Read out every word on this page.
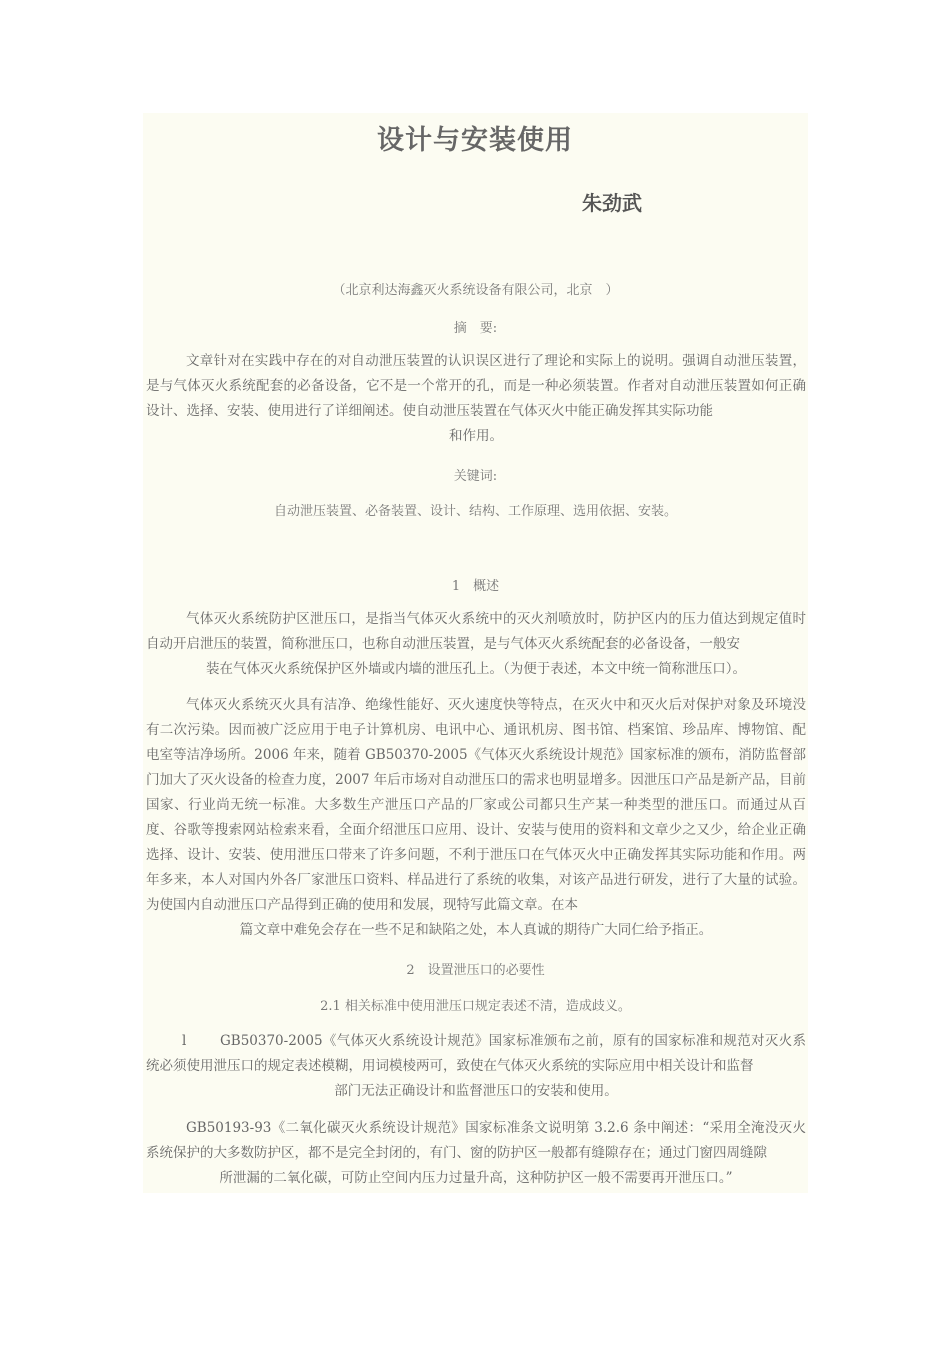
设计与安装使用
朱劲武
（北京利达海鑫灭火系统设备有限公司，北京　）
摘　要:

文章针对在实践中存在的对自动泄压装置的认识误区进行了理论和实际上的说明。强调自动泄压装置，是与气体灭火系统配套的必备设备，它不是一个常开的孔，而是一种必须装置。作者对自动泄压装置如何正确设计、选择、安装、使用进行了详细阐述。使自动泄压装置在气体灭火中能正确发挥其实际功能

和作用。

关键词:
自动泄压装置、必备装置、设计、结构、工作原理、选用依据、安装。
1　概述

气体灭火系统防护区泄压口，是指当气体灭火系统中的灭火剂喷放时，防护区内的压力值达到规定值时自动开启泄压的装置，简称泄压口，也称自动泄压装置，是与气体灭火系统配套的必备设备，一般安

装在气体灭火系统保护区外墙或内墙的泄压孔上。（为便于表述，本文中统一简称泄压口）。

气体灭火系统灭火具有洁净、绝缘性能好、灭火速度快等特点，在灭火中和灭火后对保护对象及环境没有二次污染。因而被广泛应用于电子计算机房、电讯中心、通讯机房、图书馆、档案馆、珍品库、博物馆、配电室等洁净场所。2006 年来，随着 GB50370-2005《气体灭火系统设计规范》国家标准的颁布，消防监督部门加大了灭火设备的检查力度，2007 年后市场对自动泄压口的需求也明显增多。因泄压口产品是新产品，目前国家、行业尚无统一标准。大多数生产泄压口产品的厂家或公司都只生产某一种类型的泄压口。而通过从百度、谷歌等搜索网站检索来看，全面介绍泄压口应用、设计、安装与使用的资料和文章少之又少，给企业正确选择、设计、安装、使用泄压口带来了许多问题，不利于泄压口在气体灭火中正确发挥其实际功能和作用。两年多来，本人对国内外各厂家泄压口资料、样品进行了系统的收集，对该产品进行研发，进行了大量的试验。为使国内自动泄压口产品得到正确的使用和发展，现特写此篇文章。在本

篇文章中难免会存在一些不足和缺陷之处，本人真诚的期待广大同仁给予指正。

2　设置泄压口的必要性
2.1 相关标准中使用泄压口规定表述不清，造成歧义。

l GB50370-2005《气体灭火系统设计规范》国家标准颁布之前，原有的国家标准和规范对灭火系统必须使用泄压口的规定表述模糊，用词模棱两可，致使在气体灭火系统的实际应用中相关设计和监督

部门无法正确设计和监督泄压口的安装和使用。

GB50193-93《二氧化碳灭火系统设计规范》国家标准条文说明第 3.2.6 条中阐述：“采用全淹没灭火系统保护的大多数防护区，都不是完全封闭的，有门、窗的防护区一般都有缝隙存在；通过门窗四周缝隙

所泄漏的二氧化碳，可防止空间内压力过量升高，这种防护区一般不需要再开泄压口。”
